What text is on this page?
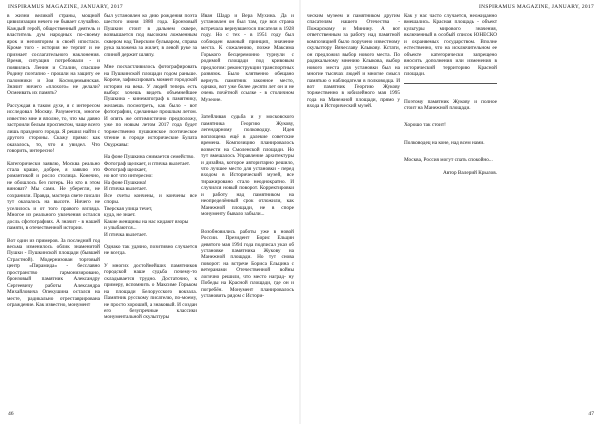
INSPIRAMUS MAGAZINE, JANUARY, 2017
в жизни великой страны, мощной цивилизации нечего не бывает случайно. Каждый герой, общественный деятель и властитель дум народных по-своему ярок и неповторим в своей ипостаси. Кроме того - история не терпит и не признает сослагательного наклонения. Время, ситуация потребовали - и появились Ленин и Сталин, спасшие Родину поэтапно - прошли на защиту ее паломники и Зоя Космодемьянская. Значит ничего «плохого» не делали? Осмеивать их память?
Рассуждая в таком духе, я с интересом исследовал Москву. Разумеется, многое известно мне и вполне, то, что мы давно застроили белым проспектом, чаще всего лишь праздного города. Я решил найти с другого стороны. Скажу прямо: как оказалось, то, что я увидел. Что говорить, интересно!
Категорически заявлю, Москва реально стала краше, добрее, я заявлю это романтикой и росло столица. Конечно, не обошлось без потерь. Но кто в этом виноват? Мы сами. Не уберегли, не сохранили. Правда, мастера свете писали тут оказалось на высоте. Ничего не уселилось и от того правого взгляда. Многое из реального увлечения остался досль сфотографиях. А значит - в нашей памяти, в отечественной истории.
Вот один из примеров. За последний год весьма изменилось облик знаменитой Пушки - Пушкинской площади (бывшей Страстной). Модернизован торговый центр «Пирамида» - бесславно пространство гармонизировано, бронзовый памятник Александру Сергеевичу работы Александра Михайловича Опекушина остался на месте, радикально отреставрирована ограждение. Как известно, монумент
был установлен ко дню рождения поэта шестого июня 1880 года. Бронзовый Пушкин стоит в дальнем сквере, возвышается под высоким ложменным сквером над Тверским бульваром, справа рука заложена за жилет, в левой руке за спиной держит шляпу.
Мне посчастливилось фотографировать на Пушкинской площади годом раньше. Короче, зафиксировать момент городской истории на века. У людей теперь есть выбор: хочешь видеть объемнейшее Пушкина - кинематограф к памятнику, желаешь посмотреть, как было - вот фотографии, сделанные прошлым летом. И опять же оптимистично предположу, уже по новым летом 2017 года будет торжественно пушкинское поэтическое чтение в городе исторические Булата Окуджавы:
На фоне Пушкина снимается семейство.
Фотограф щелкает, и птичка вылетает.
Фотограф щелкает,
но вот что интересно:
На фоне Пушкина!
И птичка вылетает.
Все счеты кончены, и кончены все споры.
Тверская улица течет,
куда, не знает.
Какие женщины на нас кидают взоры
и улыбаются...
И птичка вылетает.
Однако так удачно, позитивно случается не всегда.
У многих достойнейших памятников городской наше судьба почему-то складывается трудно. Достаточно, к примеру, вспомнить о Максиме Горьком на площади Белорусского вокзала. Памятник русскому писателю, по-моему, не просто хороший, а знаковый. И создан его безупречные классики монументальной скульптуры
Иван Шадр и Вера Мухина. Да и установлен он был там, где вся страна встречала вернувшегося писателя в 1928 году. Но с тех - в 1951 году был соблюден важный принцип, значение места. К сожалению, позже Максима Горького бесцеремонно турнули с родимой площади под кривовым предлогом: реконструкции транспортных развязок. Было клятвенно обещано вернуть памятник законное место, однако, вот уже более десяти лет он и не очень почётной ссылке - в столичном Музеоне.
Затейливая судьба и у московского памятника Георгию Жукову, легендарному полководцу. Идея воплощена ещё в далекие советские времена. Композицию планировалось возвести на Смоленской площади. Но тут вмешалось Управление архитектуры и дизайна, которое авторитарно решило, что лучшее место для установки - перед входом в Исторический музей, все тиражировано стало неоднократно. И случился новый поворот. Корректировки и работу над памятником на неопределённый срок отложили, как Манежной площади, не в споре монументу бывало забыли...
Возобновились работы уже в новой России. Президент Борис Ельцин девятого мая 1994 года подписал указ об установке памятника Жукову на Манежной площади. Но тут снова поворот: на встрече Бориса Ельцина с ветеранами Отечественной войны логично решили, что место наград- ну Победы на Красной площади, где он и погребён. Монумент планировалось установить рядом с Истори-
46
INSPIRAMUS MAGAZINE, JANUARY, 2017
ческим музеем и памятником другим спасателям нашего Отечества - Пожарскому и Минину. А вот ответственным за работу над памятной композицией было поручено известному скульптору Вячеславу Клыкову. Кстати, он предложил выбор нового места. По радикальному мнению Клыкова, выбор нового места для установки был на многие тысячах людей и многие смысл памятью о наблюдателя в полководца. И вот памятник Георгию Жукову торжественно в юбилейного мая 1995 года на Манежной площади, прямо у входа в Исторический музей.
Как у нас часто случается, неожиданно вмешались. Красная площадь - объект культуры мирового значения, включенный в особый список ЮНЕСКО и охраняемых государством. Вполне естественно, что на исключительном ее объекте категорически запрещено вносить дополнения или изменения в исторический территорию Красной площади.
Поэтому памятник Жукову и полное стоит на Манежной площади.
Хорошо так стоит!
Полководец на коне, над всем нами.
Москва, Россия могут спать спокойно...
Автор Валерий Крылов.
47
